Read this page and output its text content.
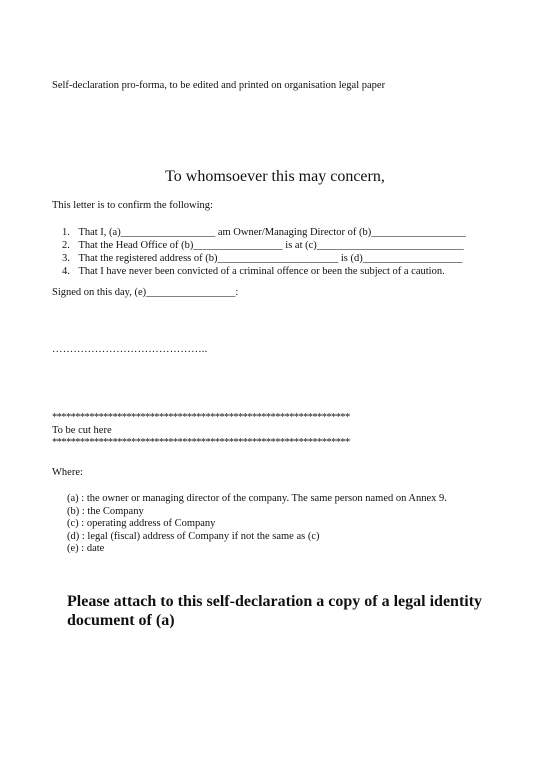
Self-declaration pro-forma, to be edited and printed on organisation legal paper
To whomsoever this may concern,
This letter is to confirm the following:
1. That I, (a)__________________ am Owner/Managing Director of (b)__________________
2. That the Head Office of (b)_________________ is at (c)____________________________
3. That the registered address of (b)_______________________ is (d)___________________
4. That I have never been convicted of a criminal offence or been the subject of a caution.
Signed on this day, (e)_________________:
……………………………………..
****************************************************************
To be cut here
****************************************************************
Where:
(a) : the owner or managing director of the company. The same person named on Annex 9.
(b) : the Company
(c) : operating address of Company
(d) : legal (fiscal) address of Company if not the same as (c)
(e) : date
Please attach to this self-declaration a copy of a legal identity document of (a)
